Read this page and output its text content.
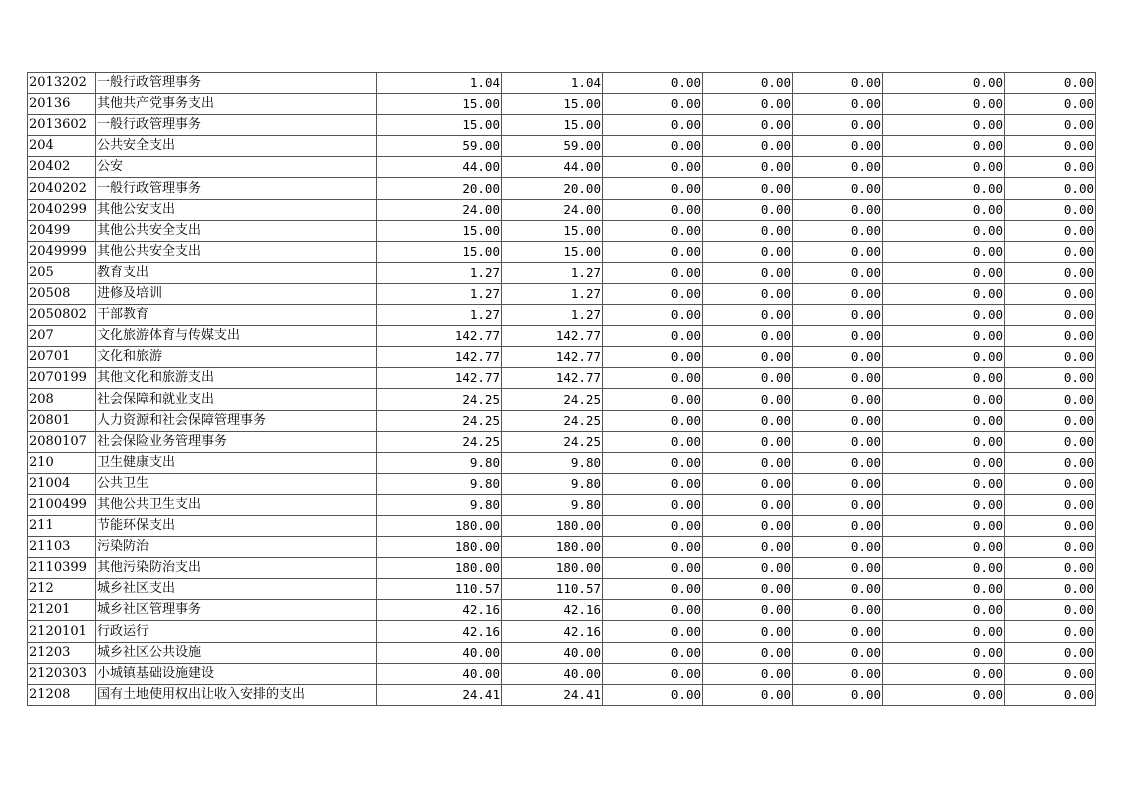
2013202	一般行政管理事务	1.04	1.04	0.00	0.00	0.00	0.00	0.00
20136	其他共产党事务支出	15.00	15.00	0.00	0.00	0.00	0.00	0.00
2013602	一般行政管理事务	15.00	15.00	0.00	0.00	0.00	0.00	0.00
204	公共安全支出	59.00	59.00	0.00	0.00	0.00	0.00	0.00
20402	公安	44.00	44.00	0.00	0.00	0.00	0.00	0.00
2040202	一般行政管理事务	20.00	20.00	0.00	0.00	0.00	0.00	0.00
2040299	其他公安支出	24.00	24.00	0.00	0.00	0.00	0.00	0.00
20499	其他公共安全支出	15.00	15.00	0.00	0.00	0.00	0.00	0.00
2049999	其他公共安全支出	15.00	15.00	0.00	0.00	0.00	0.00	0.00
205	教育支出	1.27	1.27	0.00	0.00	0.00	0.00	0.00
20508	进修及培训	1.27	1.27	0.00	0.00	0.00	0.00	0.00
2050802	干部教育	1.27	1.27	0.00	0.00	0.00	0.00	0.00
207	文化旅游体育与传媒支出	142.77	142.77	0.00	0.00	0.00	0.00	0.00
20701	文化和旅游	142.77	142.77	0.00	0.00	0.00	0.00	0.00
2070199	其他文化和旅游支出	142.77	142.77	0.00	0.00	0.00	0.00	0.00
208	社会保障和就业支出	24.25	24.25	0.00	0.00	0.00	0.00	0.00
20801	人力资源和社会保障管理事务	24.25	24.25	0.00	0.00	0.00	0.00	0.00
2080107	社会保险业务管理事务	24.25	24.25	0.00	0.00	0.00	0.00	0.00
210	卫生健康支出	9.80	9.80	0.00	0.00	0.00	0.00	0.00
21004	公共卫生	9.80	9.80	0.00	0.00	0.00	0.00	0.00
2100499	其他公共卫生支出	9.80	9.80	0.00	0.00	0.00	0.00	0.00
211	节能环保支出	180.00	180.00	0.00	0.00	0.00	0.00	0.00
21103	污染防治	180.00	180.00	0.00	0.00	0.00	0.00	0.00
2110399	其他污染防治支出	180.00	180.00	0.00	0.00	0.00	0.00	0.00
212	城乡社区支出	110.57	110.57	0.00	0.00	0.00	0.00	0.00
21201	城乡社区管理事务	42.16	42.16	0.00	0.00	0.00	0.00	0.00
2120101	行政运行	42.16	42.16	0.00	0.00	0.00	0.00	0.00
21203	城乡社区公共设施	40.00	40.00	0.00	0.00	0.00	0.00	0.00
2120303	小城镇基础设施建设	40.00	40.00	0.00	0.00	0.00	0.00	0.00
21208	国有土地使用权出让收入安排的支出	24.41	24.41	0.00	0.00	0.00	0.00	0.00
